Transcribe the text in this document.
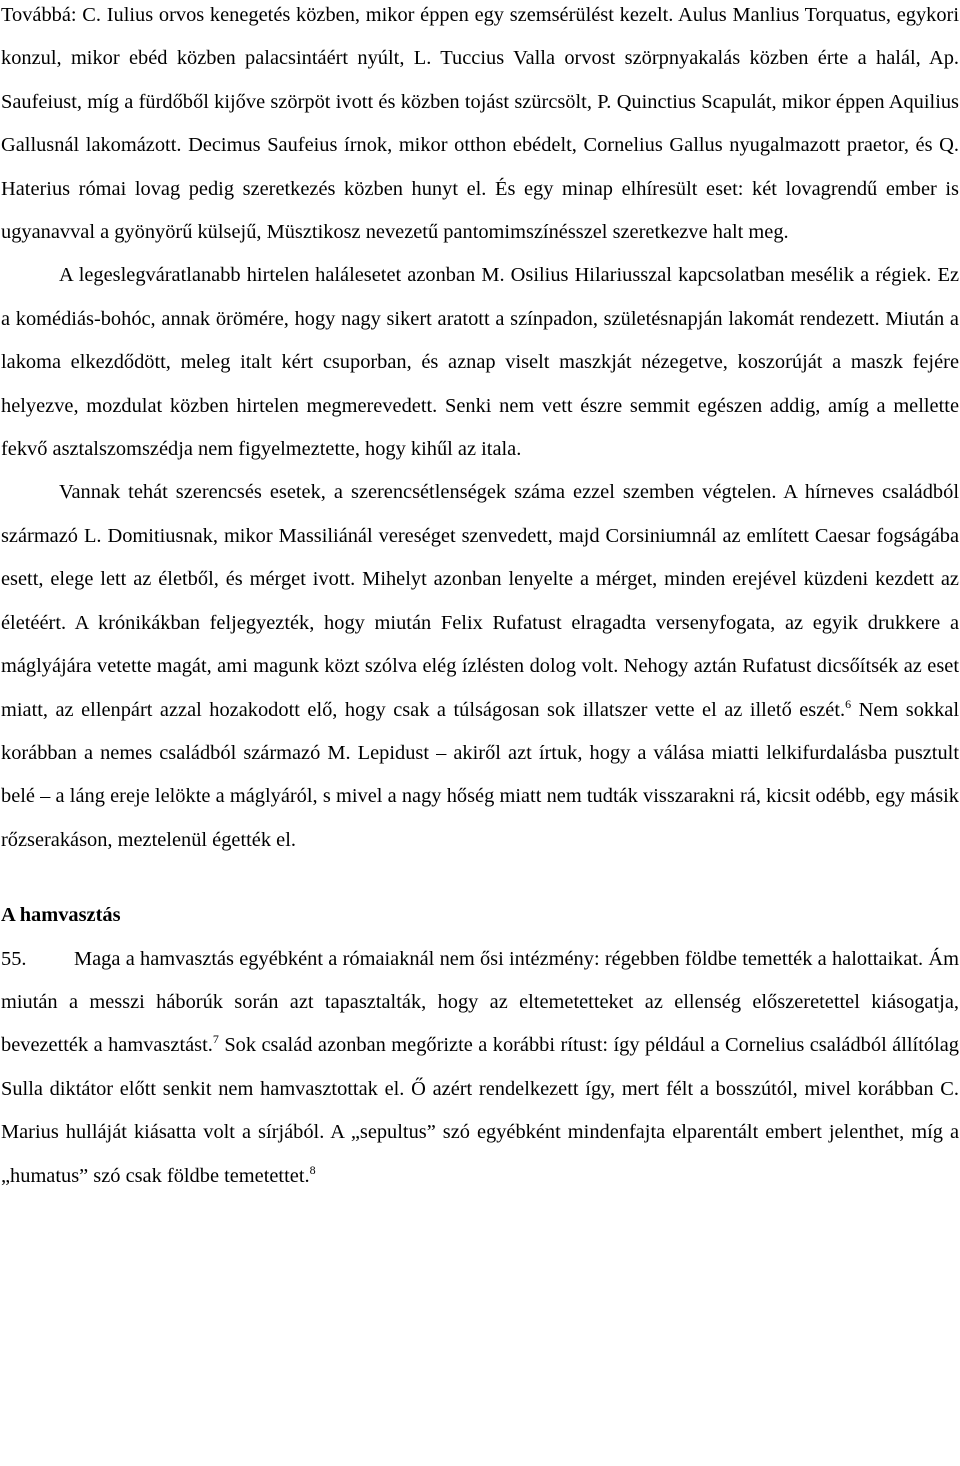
Továbbá: C. Iulius orvos kenegetés közben, mikor éppen egy szemsérülést kezelt. Aulus Manlius Torquatus, egykori konzul, mikor ebéd közben palacsintáért nyúlt, L. Tuccius Valla orvost szörpnyakalás közben érte a halál, Ap. Saufeiust, míg a fürdőből kijőve szörpöt ivott és közben tojást szürcsölt, P. Quinctius Scapulát, mikor éppen Aquilius Gallusnál lakomázott. Decimus Saufeius írnok, mikor otthon ebédelt, Cornelius Gallus nyugalmazott praetor, és Q. Haterius római lovag pedig szeretkezés közben hunyt el. És egy minap elhíresült eset: két lovagrendű ember is ugyanavval a gyönyörű külsejű, Müsztikosz nevezetű pantomimszínésszel szeretkezve halt meg.

A legeslegváratlanabb hirtelen halálesetet azonban M. Osilius Hilariusszal kapcsolatban mesélik a régiek. Ez a komédiás-bohóc, annak örömére, hogy nagy sikert aratott a színpadon, születésnapján lakomát rendezett. Miután a lakoma elkezdődött, meleg italt kért csuporban, és aznap viselt maszkját nézegetve, koszorúját a maszk fejére helyezve, mozdulat közben hirtelen megmerevedett. Senki nem vett észre semmit egészen addig, amíg a mellette fekvő asztalszomszédja nem figyelmeztette, hogy kihűl az itala.

Vannak tehát szerencsés esetek, a szerencsétlenségek száma ezzel szemben végtelen. A hírneves családból származó L. Domitiusnak, mikor Massiliánál vereséget szenvedett, majd Corsiniumnál az említett Caesar fogságába esett, elege lett az életből, és mérget ivott. Mihelyt azonban lenyelte a mérget, minden erejével küzdeni kezdett az életéért. A krónikákban feljegyezték, hogy miután Felix Rufatust elragadta versenyfogata, az egyik drukkere a máglyájára vetette magát, ami magunk közt szólva elég ízlésten dolog volt. Nehogy aztán Rufatust dicsőítsék az eset miatt, az ellenpárt azzal hozakodott elő, hogy csak a túlságosan sok illatszer vette el az illető eszét.$^6$ Nem sokkal korábban a nemes családból származó M. Lepidust – akiről azt írtuk, hogy a válása miatti lelkifurdalásba pusztult belé – a láng ereje lelökte a máglyáról, s mivel a nagy hőség miatt nem tudták visszarakni rá, kicsit odébb, egy másik rőzserakáson, meztelenül égették el.

A hamvasztás

55. Maga a hamvasztás egyébként a rómaiaknál nem ősi intézmény: régebben földbe temették a halottaikat. Ám miután a messzi háborúk során azt tapasztalták, hogy az eltemetetteket az ellenség előszeretettel kiásogatja, bevezették a hamvasztást.$^7$ Sok család azonban megőrizte a korábbi rítust: így például a Cornelius családból állítólag Sulla diktátor előtt senkit nem hamvasztottak el. Ő azért rendelkezett így, mert félt a bosszútól, mivel korábban C. Marius hulláját kiásatta volt a sírjából. A „sepultus” szó egyébként mindenfajta elparentált embert jelenthet, míg a „humatus” szó csak földbe temetettet.$^8$
